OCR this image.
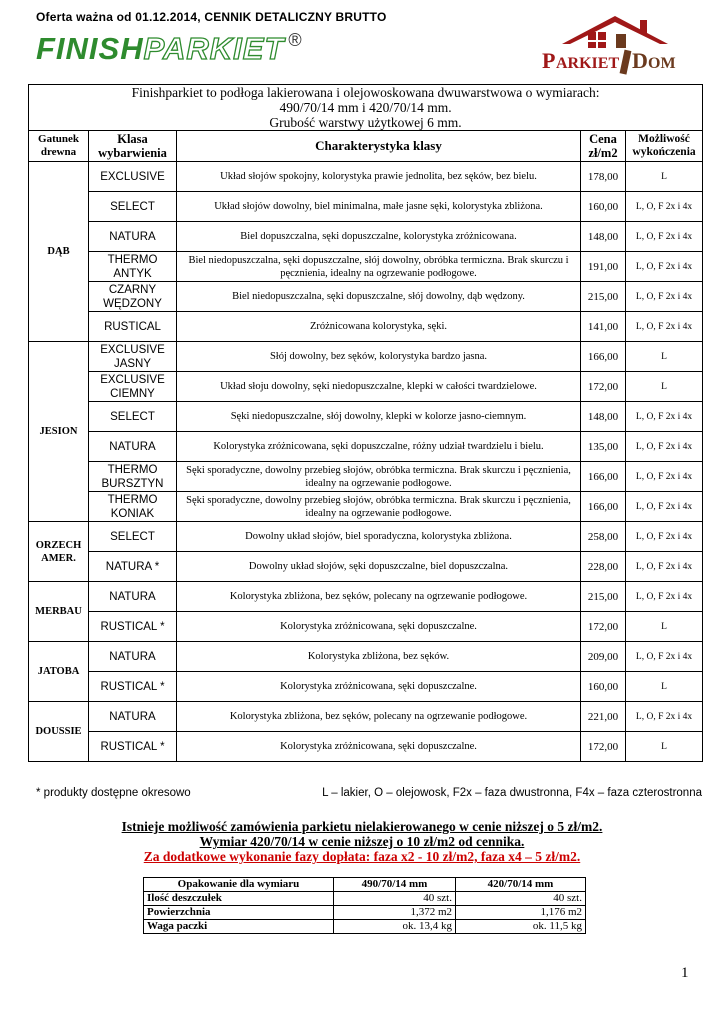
Oferta ważna od 01.12.2014, CENNIK DETALICZNY BRUTTO
FINISHPARKIET ®
P ARKIET D OM
Finishparkiet to podłoga lakierowana i olejowoskowana dwuwarstwowa o wymiarach:
490/70/14 mm i 420/70/14 mm.
Grubość warstwy użytkowej 6 mm.				

Gatunek drewna	Klasa wybarwienia	Charakterystyka klasy	Cena zł/m2	Możliwość wykończenia
DĄB	EXCLUSIVE	Układ słojów spokojny, kolorystyka prawie jednolita, bez sęków, bez bielu.	178,00	L
	SELECT	Układ słojów dowolny, biel minimalna, małe jasne sęki, kolorystyka zbliżona.	160,00	L, O, F 2x i 4x
	NATURA	Biel dopuszczalna, sęki dopuszczalne, kolorystyka zróżnicowana.	148,00	L, O, F 2x i 4x
	THERMO ANTYK	Biel niedopuszczalna, sęki dopuszczalne, słój dowolny, obróbka termiczna. Brak skurczu i pęcznienia, idealny na ogrzewanie podłogowe.	191,00	L, O, F 2x i 4x
	CZARNY WĘDZONY	Biel niedopuszczalna, sęki dopuszczalne, słój dowolny, dąb wędzony.	215,00	L, O, F 2x i 4x
	RUSTICAL	Zróżnicowana kolorystyka, sęki.	141,00	L, O, F 2x i 4x
JESION	EXCLUSIVE JASNY	Słój dowolny, bez sęków, kolorystyka bardzo jasna.	166,00	L
	EXCLUSIVE CIEMNY	Układ słoju dowolny, sęki niedopuszczalne, klepki w całości twardzielowe.	172,00	L
	SELECT	Sęki niedopuszczalne, słój dowolny, klepki w kolorze jasno-ciemnym.	148,00	L, O, F 2x i 4x
	NATURA	Kolorystyka zróżnicowana, sęki dopuszczalne, różny udział twardzielu i bielu.	135,00	L, O, F 2x i 4x
	THERMO BURSZTYN	Sęki sporadyczne, dowolny przebieg słojów, obróbka termiczna. Brak skurczu i pęcznienia, idealny na ogrzewanie podłogowe.	166,00	L, O, F 2x i 4x
	THERMO KONIAK	Sęki sporadyczne, dowolny przebieg słojów, obróbka termiczna. Brak skurczu i pęcznienia, idealny na ogrzewanie podłogowe.	166,00	L, O, F 2x i 4x
ORZECH AMER.	SELECT	Dowolny układ słojów, biel sporadyczna, kolorystyka zbliżona.	258,00	L, O, F 2x i 4x
	NATURA *	Dowolny układ słojów, sęki dopuszczalne, biel dopuszczalna.	228,00	L, O, F 2x i 4x
MERBAU	NATURA	Kolorystyka zbliżona, bez sęków, polecany na ogrzewanie podłogowe.	215,00	L, O, F 2x i 4x
	RUSTICAL *	Kolorystyka zróżnicowana, sęki dopuszczalne.	172,00	L
JATOBA	NATURA	Kolorystyka zbliżona, bez sęków.	209,00	L, O, F 2x i 4x
	RUSTICAL *	Kolorystyka zróżnicowana, sęki dopuszczalne.	160,00	L
DOUSSIE	NATURA	Kolorystyka zbliżona, bez sęków, polecany na ogrzewanie podłogowe.	221,00	L, O, F 2x i 4x
	RUSTICAL *	Kolorystyka zróżnicowana, sęki dopuszczalne.	172,00	L
* produkty dostępne okresowo	L – lakier, O – olejowosk, F2x – faza dwustronna, F4x – faza czterostronna
Istnieje możliwość zamówienia parkietu nielakierowanego w cenie niższej o 5 zł/m2.
Wymiar 420/70/14 w cenie niższej o 10 zł/m2 od cennika.
Za dodatkowe wykonanie fazy dopłata: faza x2 - 10 zł/m2, faza x4 – 5 zł/m2.
Opakowanie dla wymiaru	490/70/14 mm	420/70/14 mm
Ilość deszczułek	40 szt.	40 szt.
Powierzchnia	1,372 m2	1,176 m2
Waga paczki	ok. 13,4 kg	ok. 11,5 kg
1
